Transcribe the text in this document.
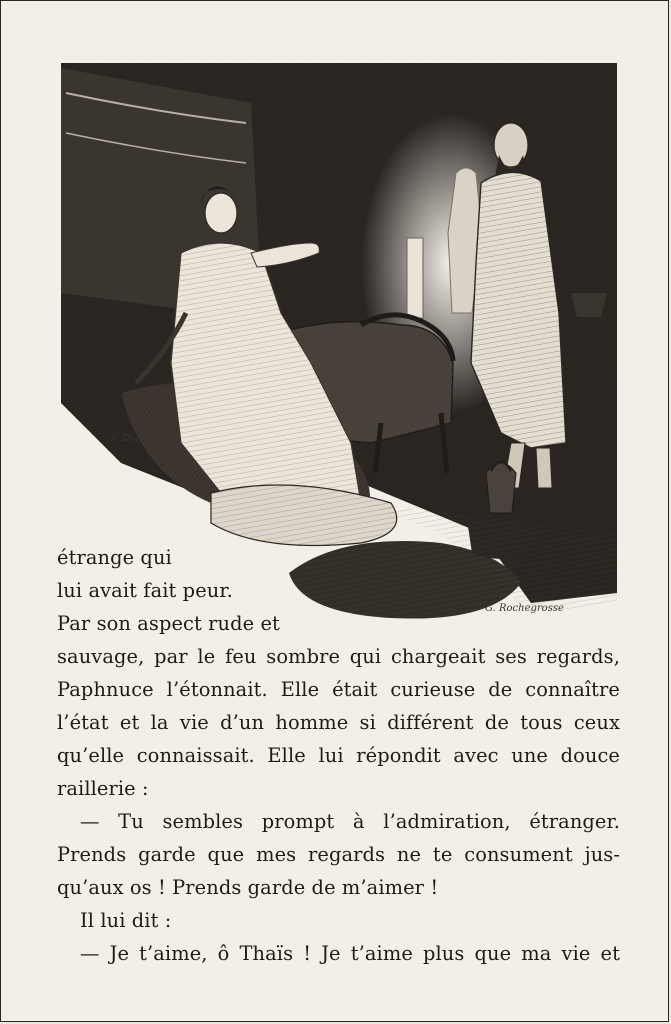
E.Decisy sc.
G. Rochegrosse
étrange qui
lui avait fait peur.
Par son aspect rude et
sauvage, par le feu sombre qui chargeait ses regards,
Paphnuce l’étonnait. Elle était curieuse de connaître
l’état et la vie d’un homme si différent de tous ceux
qu’elle connaissait. Elle lui répondit avec une douce
raillerie :
— Tu sembles prompt à l’admiration, étranger.
Prends garde que mes regards ne te consument jus-
qu’aux os ! Prends garde de m’aimer !
Il lui dit :
— Je t’aime, ô Thaïs ! Je t’aime plus que ma vie et
